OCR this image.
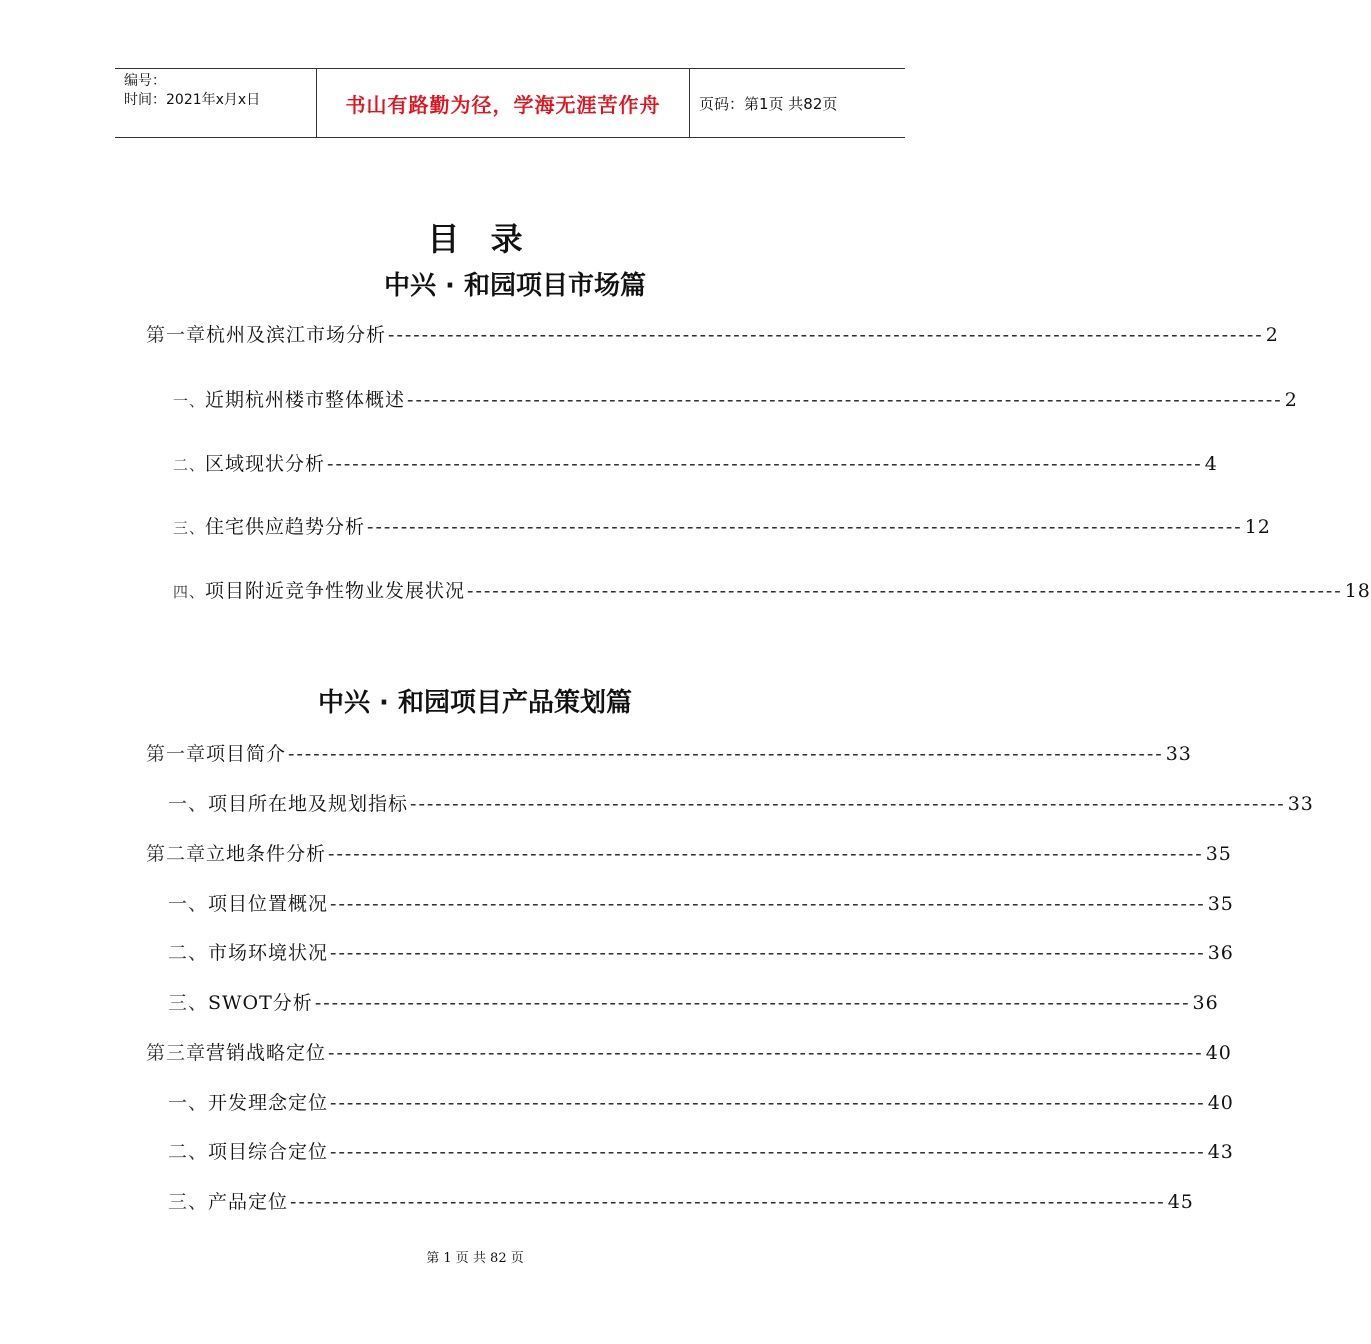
编号：
时间：2021年x月x日	书山有路勤为径，学海无涯苦作舟	页码：第1页 共82页
目 录
中兴 · 和园项目市场篇
第一章 杭州及滨江市场分析 -------------------------------------------------------------------------------------------------------- 2
一、 近期杭州楼市整体概述 -------------------------------------------------------------------------------------------------------- 2
二、 区域现状分析 -------------------------------------------------------------------------------------------------------- 4
三、 住宅供应趋势分析 -------------------------------------------------------------------------------------------------------- 12
四、 项目附近竞争性物业发展状况 -------------------------------------------------------------------------------------------------------- 18
中兴 · 和园项目产品策划篇
第一章 项目简介 -------------------------------------------------------------------------------------------------------- 33
一、 项目所在地及规划指标 -------------------------------------------------------------------------------------------------------- 33
第二章 立地条件分析 -------------------------------------------------------------------------------------------------------- 35
一、 项目位置概况 -------------------------------------------------------------------------------------------------------- 35
二、 市场环境状况 -------------------------------------------------------------------------------------------------------- 36
三、 SWOT分析 -------------------------------------------------------------------------------------------------------- 36
第三章 营销战略定位 -------------------------------------------------------------------------------------------------------- 40
一、 开发理念定位 -------------------------------------------------------------------------------------------------------- 40
二、 项目综合定位 -------------------------------------------------------------------------------------------------------- 43
三、 产品定位 -------------------------------------------------------------------------------------------------------- 45
第 1 页 共 82 页
